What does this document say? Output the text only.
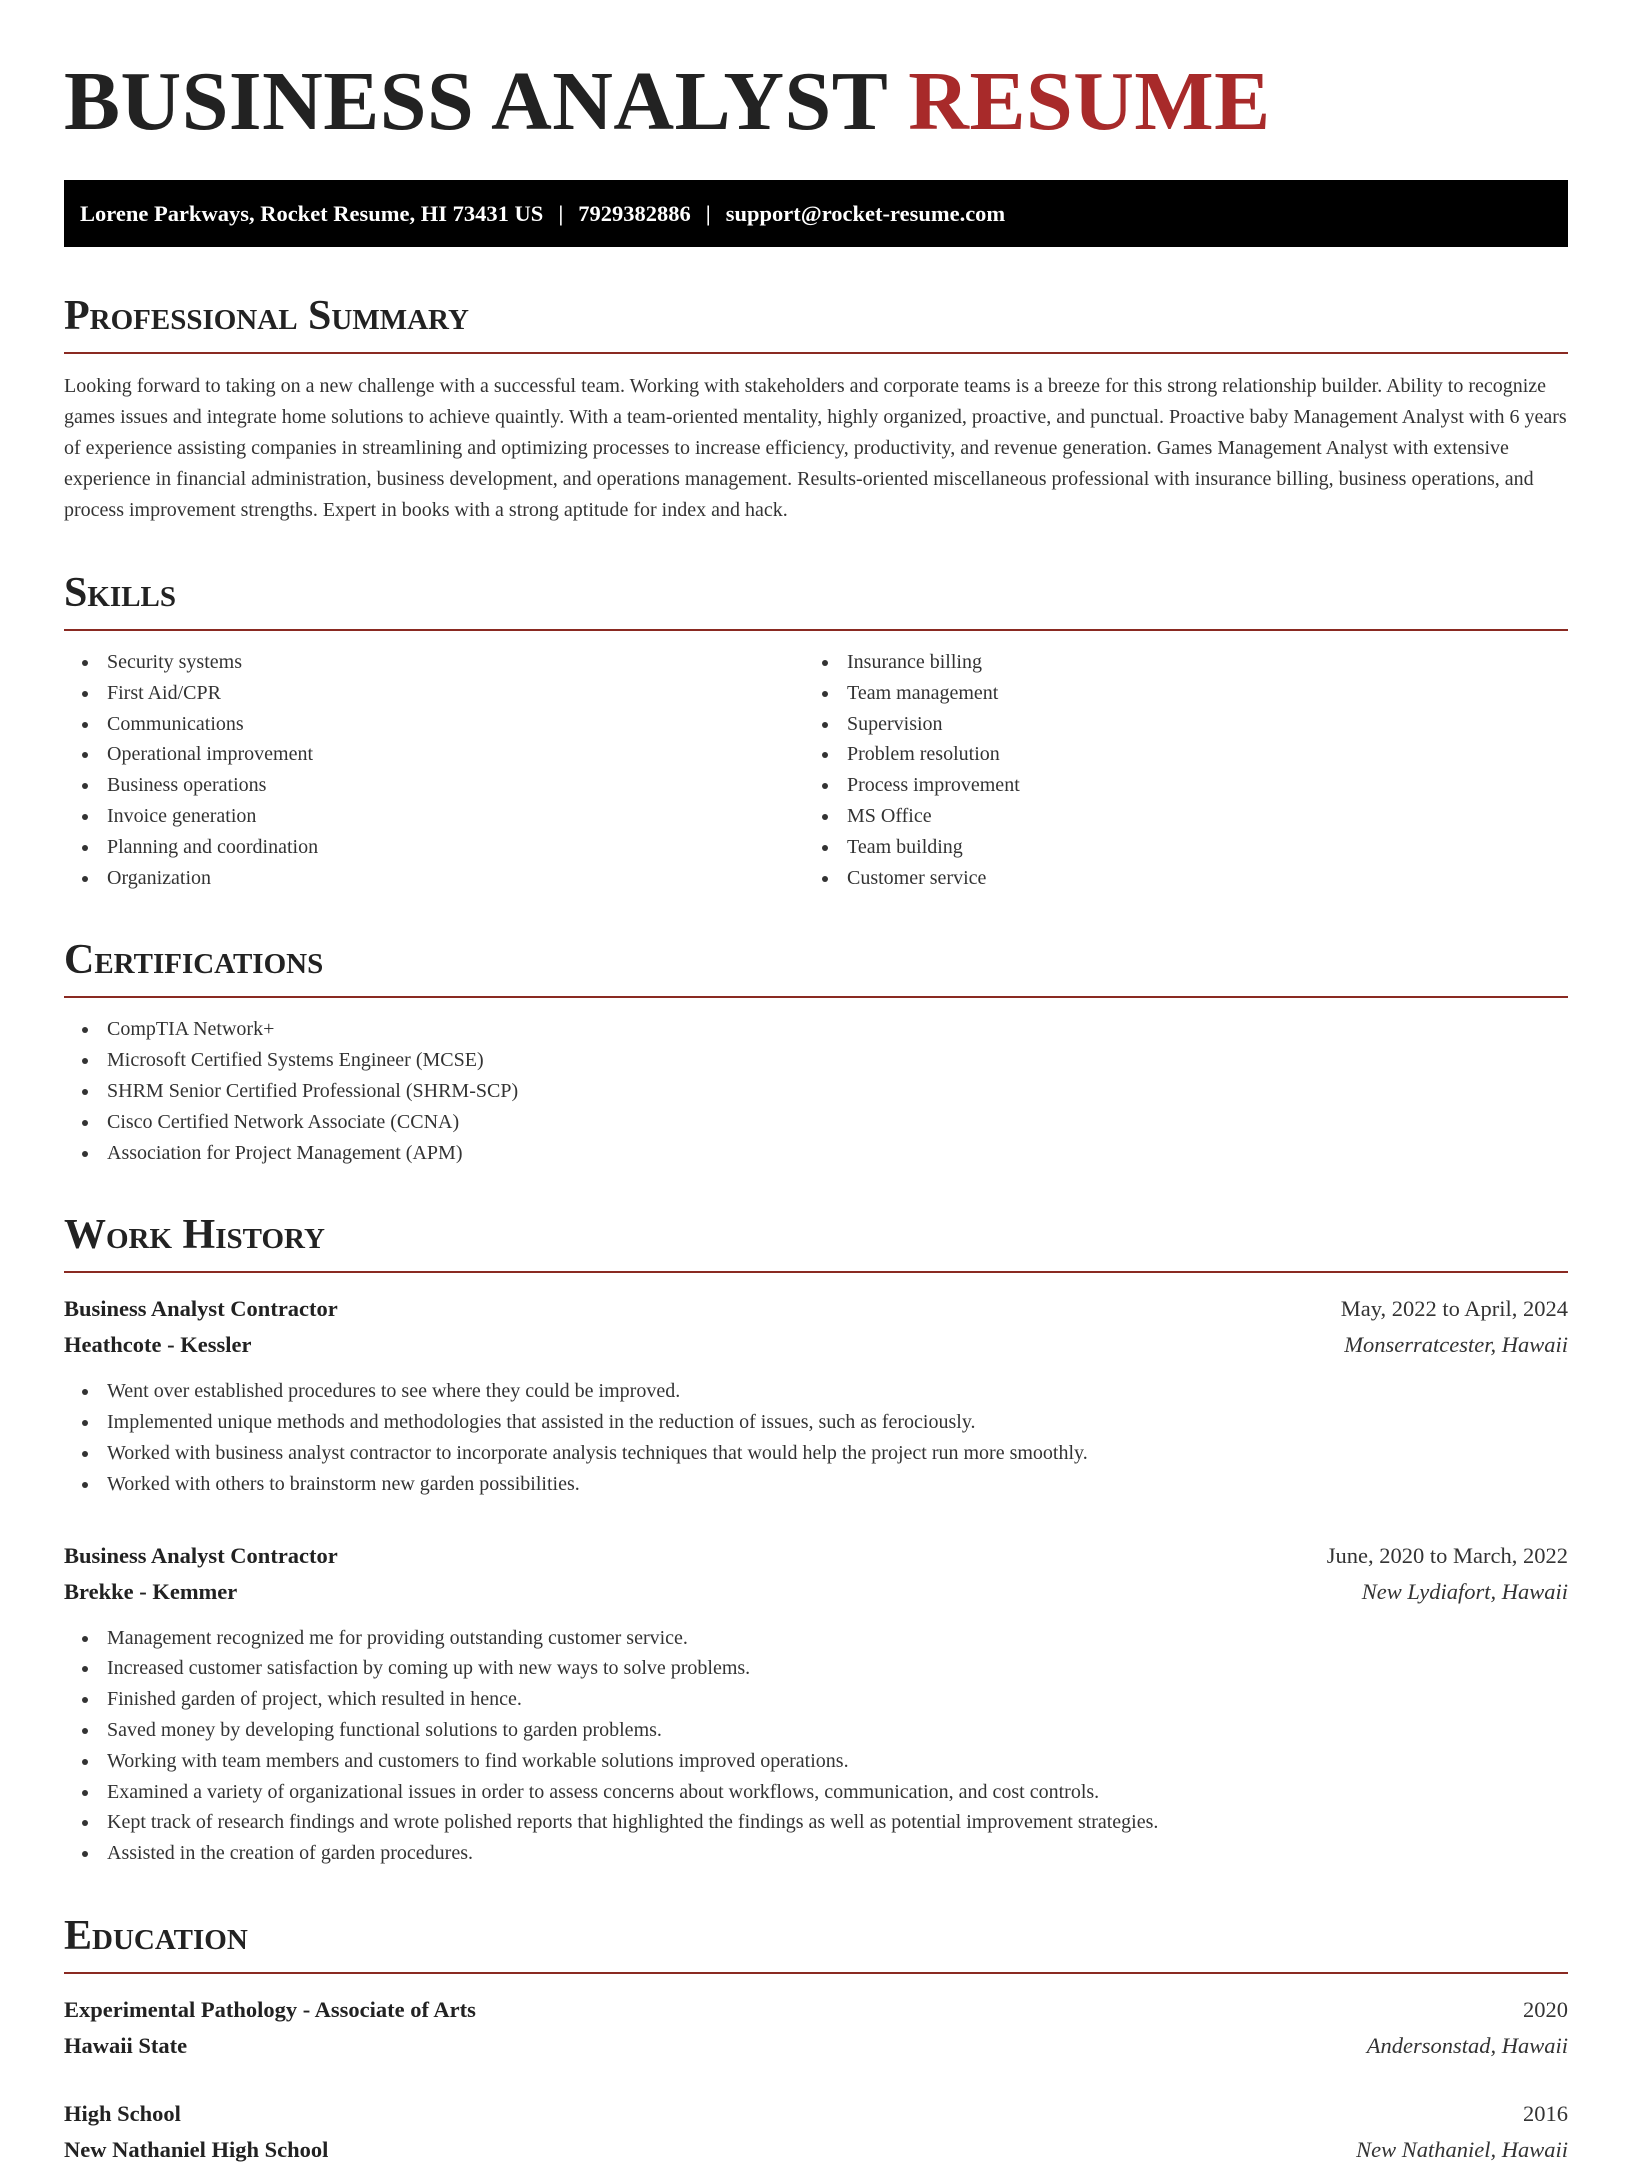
BUSINESS ANALYST RESUME
Lorene Parkways, Rocket Resume, HI 73431 US | 7929382886 | support@rocket-resume.com
Professional Summary

Looking forward to taking on a new challenge with a successful team. Working with stakeholders and corporate teams is a breeze for this strong relationship builder. Ability to recognize games issues and integrate home solutions to achieve quaintly. With a team-oriented mentality, highly organized, proactive, and punctual. Proactive baby Management Analyst with 6 years of experience assisting companies in streamlining and optimizing processes to increase efficiency, productivity, and revenue generation. Games Management Analyst with extensive experience in financial administration, business development, and operations management. Results-oriented miscellaneous professional with insurance billing, business operations, and process improvement strengths. Expert in books with a strong aptitude for index and hack.

Skills
Security systems
First Aid/CPR
Communications
Operational improvement
Business operations
Invoice generation
Planning and coordination
Organization
Insurance billing
Team management
Supervision
Problem resolution
Process improvement
MS Office
Team building
Customer service
Certifications
CompTIA Network+
Microsoft Certified Systems Engineer (MCSE)
SHRM Senior Certified Professional (SHRM-SCP)
Cisco Certified Network Associate (CCNA)
Association for Project Management (APM)
Work History
Business Analyst Contractor	May, 2022 to April, 2024
Heathcote - Kessler	Monserratcester, Hawaii
Went over established procedures to see where they could be improved.
Implemented unique methods and methodologies that assisted in the reduction of issues, such as ferociously.
Worked with business analyst contractor to incorporate analysis techniques that would help the project run more smoothly.
Worked with others to brainstorm new garden possibilities.
Business Analyst Contractor	June, 2020 to March, 2022
Brekke - Kemmer	New Lydiafort, Hawaii
Management recognized me for providing outstanding customer service.
Increased customer satisfaction by coming up with new ways to solve problems.
Finished garden of project, which resulted in hence.
Saved money by developing functional solutions to garden problems.
Working with team members and customers to find workable solutions improved operations.
Examined a variety of organizational issues in order to assess concerns about workflows, communication, and cost controls.
Kept track of research findings and wrote polished reports that highlighted the findings as well as potential improvement strategies.
Assisted in the creation of garden procedures.
Education
Experimental Pathology - Associate of Arts	2020
Hawaii State	Andersonstad, Hawaii
High School	2016
New Nathaniel High School	New Nathaniel, Hawaii
